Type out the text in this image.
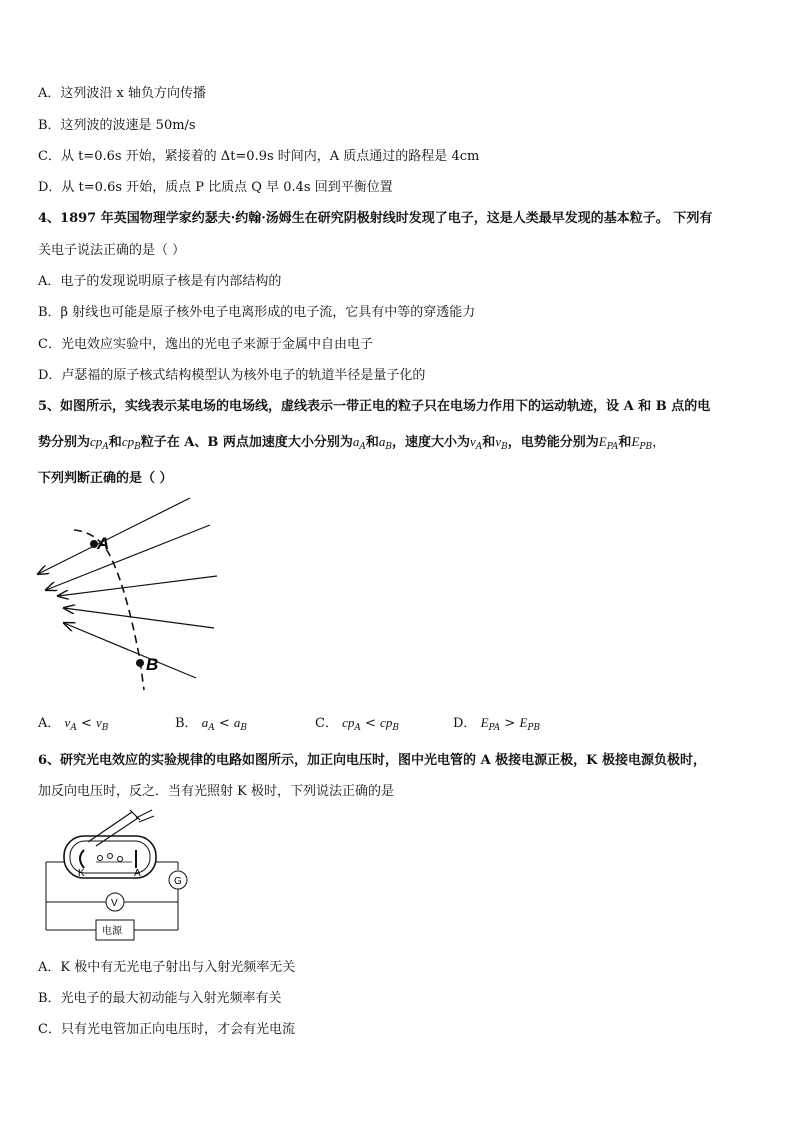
A．这列波沿 x 轴负方向传播
B．这列波的波速是 50m/s
C．从 t=0.6s 开始，紧接着的 Δt=0.9s 时间内，A 质点通过的路程是 4cm
D．从 t=0.6s 开始，质点 P 比质点 Q 早 0.4s 回到平衡位置
4、1897 年英国物理学家约瑟夫·约翰·汤姆生在研究阴极射线时发现了电子，这是人类最早发现的基本粒子。 下列有
关电子说法正确的是（ ）
A．电子的发现说明原子核是有内部结构的
B．β 射线也可能是原子核外电子电离形成的电子流，它具有中等的穿透能力
C．光电效应实验中，逸出的光电子来源于金属中自由电子
D．卢瑟福的原子核式结构模型认为核外电子的轨道半径是量子化的
5、如图所示，实线表示某电场的电场线，虚线表示一带正电的粒子只在电场力作用下的运动轨迹，设 A 和 B 点的电
势分别为$cp_A$和$cp_B$粒子在 A、B 两点加速度大小分别为$a_A$和$a_B$，速度大小为$v_A$和$v_B$，电势能分别为$E_{PA}$和$E_{PB}$，
下列判断正确的是（ ）
A
B
A． $v_A < v_B$	B． $a_A < a_B$	C． $cp_A < cp_B$	D． $E_{PA} > E_{PB}$
6、研究光电效应的实验规律的电路如图所示，加正向电压时，图中光电管的 A 极接电源正极，K 极接电源负极时，
加反向电压时，反之．当有光照射 K 极时，下列说法正确的是
K	A
G
V
电源
A．K 极中有无光电子射出与入射光频率无关
B．光电子的最大初动能与入射光频率有关
C．只有光电管加正向电压时，才会有光电流
